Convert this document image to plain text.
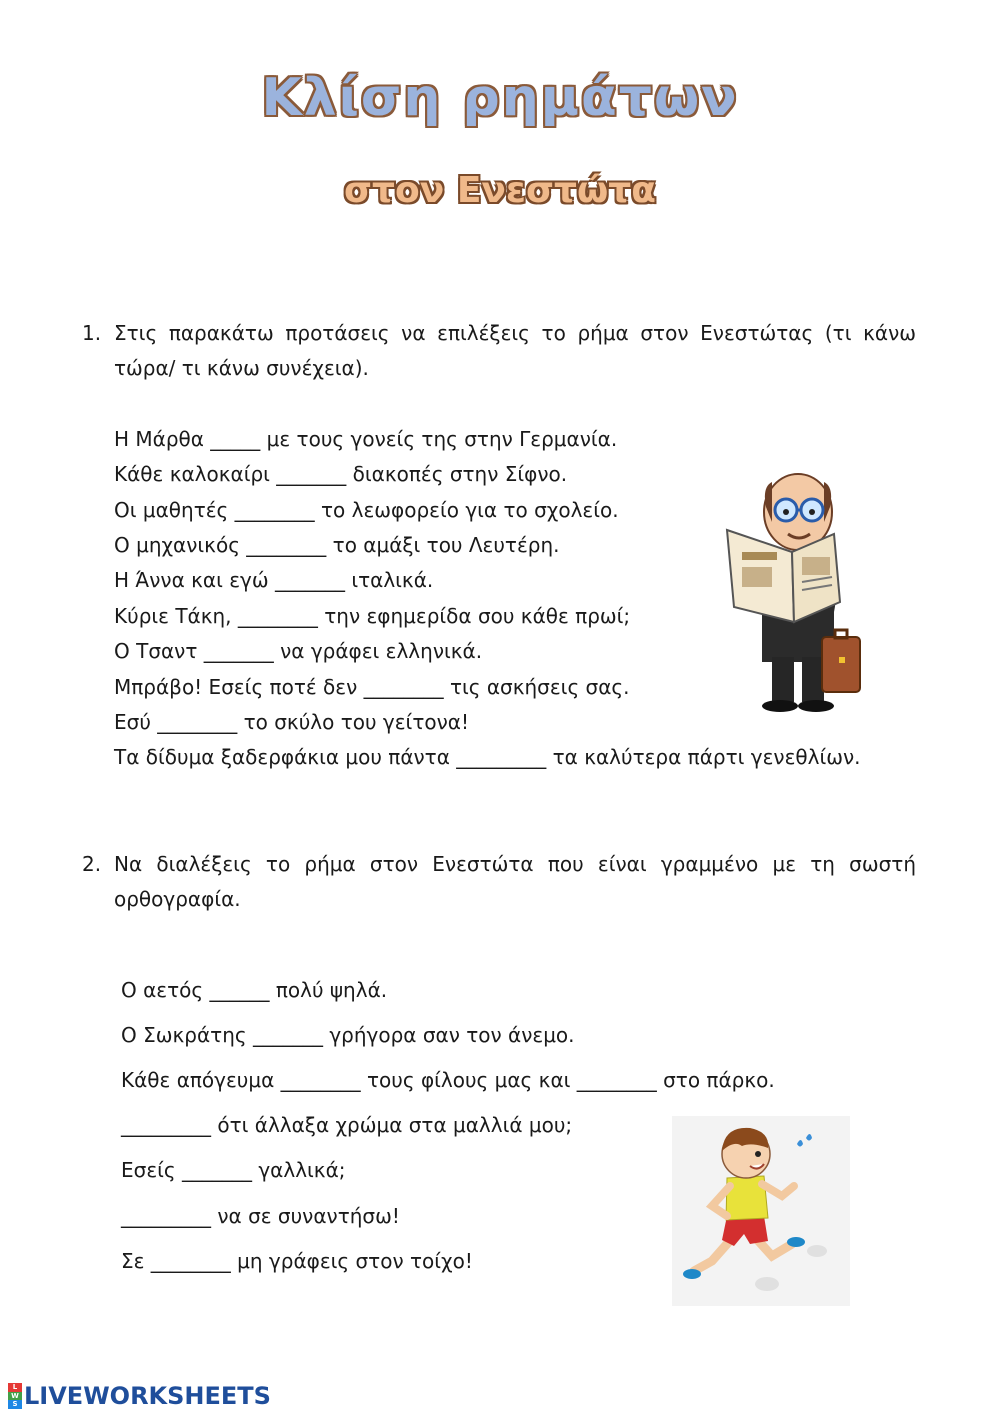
Κλίση ρημάτων
στον Ενεστώτα
1. Στις παρακάτω προτάσεις να επιλέξεις το ρήμα στον Ενεστώτας (τι κάνω τώρα/ τι κάνω συνέχεια).
Η Μάρθα _____ με τους γονείς της στην Γερμανία.
Κάθε καλοκαίρι _______ διακοπές στην Σίφνο.
Οι μαθητές ________ το λεωφορείο για το σχολείο.
Ο μηχανικός ________ το αμάξι του Λευτέρη.
Η Άννα και εγώ _______ ιταλικά.
Κύριε Τάκη, ________ την εφημερίδα σου κάθε πρωί;
Ο Τσαντ _______ να γράφει ελληνικά.
Μπράβο! Εσείς ποτέ δεν ________ τις ασκήσεις σας.
Εσύ ________ το σκύλο του γείτονα!
Τα δίδυμα ξαδερφάκια μου πάντα _________ τα καλύτερα πάρτι γενεθλίων.
2. Να διαλέξεις το ρήμα στον Ενεστώτα που είναι γραμμένο με τη σωστή ορθογραφία.
Ο αετός ______ πολύ ψηλά.
Ο Σωκράτης _______ γρήγορα σαν τον άνεμο.
Κάθε απόγευμα ________ τους φίλους μας και ________ στο πάρκο.
_________ ότι άλλαξα χρώμα στα μαλλιά μου;
Εσείς _______ γαλλικά;
_________ να σε συναντήσω!
Σε ________ μη γράφεις στον τοίχο!
L
W
S LIVEWORKSHEETS
